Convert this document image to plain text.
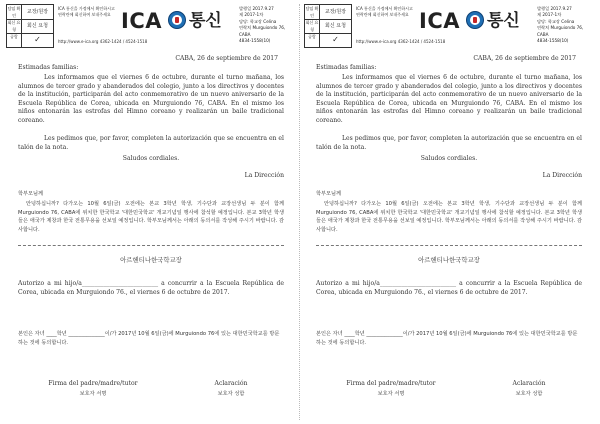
담임 확인
교장/원장
회신 요청
회신 요청
공람	✓
ICA 통신을 가정에서 확인하시고 연락란에 회신하여 보내주세요 ICA 통신
http://www.e-ica.org 4362-1424 / 4524-1518
발행일 2017.9.27
제 2017-1차
담당: 학교장 Celina
연락처 Murguiondo 76, CABA
4834-1558(10)
CABA, 26 de septiembre de 2017
Estimadas familias:
Les informamos que el viernes 6 de octubre, durante el turno mañana, los alumnos de tercer grado y abanderados del colegio, junto a los directivos y docentes de la institución, participarán del acto conmemorativo de un nuevo aniversario de la Escuela República de Corea, ubicada en Murguiondo 76, CABA. En el mismo los niños entonarán las estrofas del Himno coreano y realizarán un baile tradicional coreano.
Les pedimos que, por favor, completen la autorización que se encuentra en el talón de la nota.
Saludos cordiales.
La Dirección
학부모님께
안녕하십니까? 다가오는 10월 6일(금) 오전에는 본교 3학년 학생, 기수단과 교장선생님 두 분이 함께 Murguiondo 76, CABA에 위치한 한국학교 '대한민국학교' 개교기념일 행사에 참석할 예정입니다. 본교 3학년 학생들은 애국가 제창과 한국 전통무용을 선보일 예정입니다. 학부모님께서는 아래의 동의서를 작성해 주시기 바랍니다. 감사합니다.
아르헨티나한국학교장
Autorizo a mi hijo/a_________________________ a concurrir a la Escuela República de Corea, ubicada en Murguiondo 76., el viernes 6 de octubre de 2017.
본인은 자녀 ____학년 ______________이/가 2017년 10월 6일(금)에 Murguiondo 76에 있는 대한민국학교를 방문하는 것에 동의합니다.
Firma del padre/madre/tutor
보호자 서명
Aclaración
보호자 성함
담임 확인
교장/원장
회신 요청
회신 요청
공람	✓
ICA 통신을 가정에서 확인하시고 연락란에 회신하여 보내주세요 ICA 통신
http://www.e-ica.org 4362-1424 / 4524-1518
발행일 2017.9.27
제 2017-1차
담당: 학교장 Celina
연락처 Murguiondo 76, CABA
4834-1558(10)
CABA, 26 de septiembre de 2017
Estimadas familias:
Les informamos que el viernes 6 de octubre, durante el turno mañana, los alumnos de tercer grado y abanderados del colegio, junto a los directivos y docentes de la institución, participarán del acto conmemorativo de un nuevo aniversario de la Escuela República de Corea, ubicada en Murguiondo 76, CABA. En el mismo los niños entonarán las estrofas del Himno coreano y realizarán un baile tradicional coreano.
Les pedimos que, por favor, completen la autorización que se encuentra en el talón de la nota.
Saludos cordiales.
La Dirección
학부모님께
안녕하십니까? 다가오는 10월 6일(금) 오전에는 본교 3학년 학생, 기수단과 교장선생님 두 분이 함께 Murguiondo 76, CABA에 위치한 한국학교 '대한민국학교' 개교기념일 행사에 참석할 예정입니다. 본교 3학년 학생들은 애국가 제창과 한국 전통무용을 선보일 예정입니다. 학부모님께서는 아래의 동의서를 작성해 주시기 바랍니다. 감사합니다.
아르헨티나한국학교장
Autorizo a mi hijo/a_________________________ a concurrir a la Escuela República de Corea, ubicada en Murguiondo 76., el viernes 6 de octubre de 2017.
본인은 자녀 ____학년 ______________이/가 2017년 10월 6일(금)에 Murguiondo 76에 있는 대한민국학교를 방문하는 것에 동의합니다.
Firma del padre/madre/tutor
보호자 서명
Aclaración
보호자 성함
